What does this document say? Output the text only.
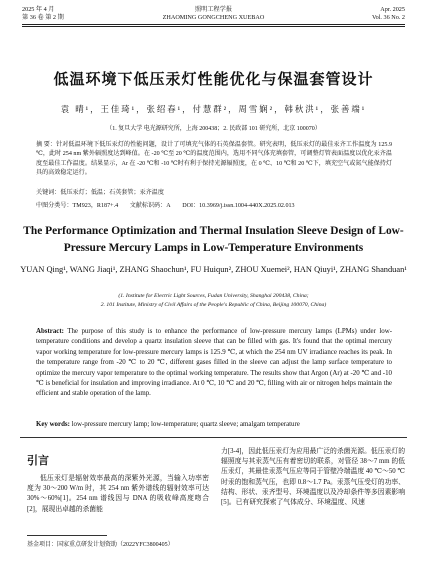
2025 年 4 月
第 36 卷 第 2 期
照明工程学报
ZHAOMING GONGCHENG XUEBAO
Apr. 2025
Vol. 36 No. 2
低温环境下低压汞灯性能优化与保温套管设计
袁 晴¹，王佳琦¹，张绍春¹，付慧群²，周雪娴²，韩秋洪¹，张善端¹
（1. 复旦大学 电光源研究所，上海 200438；2. 民政部 101 研究所，北京 100070）
摘 要：针对低温环境下低压汞灯的性能问题，设计了可填充气体的石英保温套管。研究表明，低压汞灯的最佳汞齐工作温度为 125.9 ℃，此时 254 nm 紫外辐照度达到峰值。在 -20 ℃至 20 ℃的温度范围内，选用不同气体充填套管，可调整灯管表面温度以优化汞齐温度至最佳工作温度。结果显示，Ar 在 -20 ℃和 -10 ℃时有利于保持光源辐照度，在 0 ℃、10 ℃和 20 ℃下，填充空气或氮气能保持灯具的高效稳定运行。
关键词：低压汞灯；低温；石英套管；汞齐温度
中图分类号：TM923，R187+.4 文献标识码：A DOI：10.3969/j.issn.1004-440X.2025.02.013
The Performance Optimization and Thermal Insulation Sleeve Design of Low-Pressure Mercury Lamps in Low-Temperature Environments
YUAN Qing¹, WANG Jiaqi¹, ZHANG Shaochun¹, FU Huiqun², ZHOU Xuemei², HAN Qiuyi¹, ZHANG Shanduan¹
(1. Institute for Electric Light Sources, Fudan University, Shanghai 200438, China;
2. 101 Institute, Ministry of Civil Affairs of the People's Republic of China, Beijing 100070, China)
Abstract: The purpose of this study is to enhance the performance of low-pressure mercury lamps (LPMs) under low-temperature conditions and develop a quartz insulation sleeve that can be filled with gas. It's found that the optimal mercury vapor working temperature for low-pressure mercury lamps is 125.9 ℃, at which the 254 nm UV irradiance reaches its peak. In the temperature range from -20 ℃ to 20 ℃, different gases filled in the sleeve can adjust the lamp surface temperature to optimize the mercury vapor temperature to the optimal working temperature. The results show that Argon (Ar) at -20 ℃ and -10 ℃ is beneficial for insulation and improving irradiance. At 0 ℃, 10 ℃ and 20 ℃, filling with air or nitrogen helps maintain the efficient and stable operation of the lamp.
Key words: low-pressure mercury lamp; low-temperature; quartz sleeve; amalgam temperature
引言
低压汞灯是辐射效率最高的深紫外光源，当输入功率密度为 30～200 W/m 时，其 254 nm 紫外谱线的辐射效率可达 30%～60%[1]。254 nm 谱线因与 DNA 的吸收峰高度吻合[2]，展现出卓越的杀菌能
力[3-4]，因此低压汞灯为应用最广泛的杀菌光源。低压汞灯的辐照度与其汞蒸气压有着密切的联系，对管径 38～7 mm 的低压汞灯，其最佳汞蒸气压应等同于管壁冷端温度 40 ℃～50 ℃时汞的饱和蒸气压，也即 0.8～1.7 Pa。汞蒸气压受灯的功率、结构、形状、汞齐型号、环境温度以及冷却条件等多因素影响[5]。已有研究探索了气体成分、环境温度、风速
基金项目：国家重点研发计划资助（2022YFC3800405）
